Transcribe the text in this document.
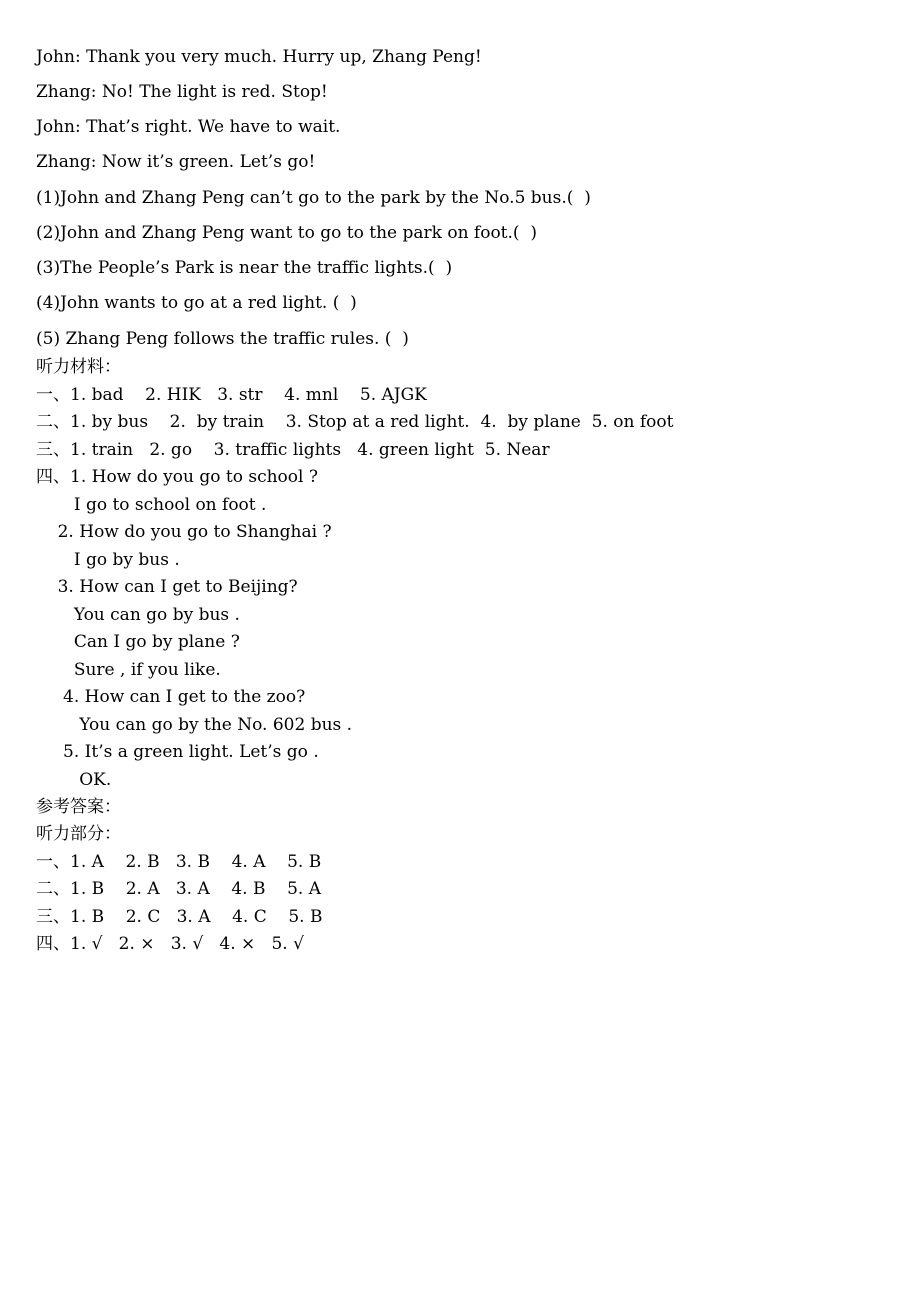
John: Thank you very much. Hurry up, Zhang Peng!
Zhang: No! The light is red. Stop!
John: That’s right. We have to wait.
Zhang: Now it’s green. Let’s go!
(1)John and Zhang Peng can’t go to the park by the No.5 bus.(  )
(2)John and Zhang Peng want to go to the park on foot.(  )
(3)The People’s Park is near the traffic lights.(  )
(4)John wants to go at a red light. (  )
(5) Zhang Peng follows the traffic rules. (  )
听力材料：
一、1. bad    2. HIK   3. str    4. mnl    5. AJGK
二、1. by bus    2.  by train    3. Stop at a red light.  4.  by plane  5. on foot
三、1. train   2. go    3. traffic lights   4. green light  5. Near
四、1. How do you go to school ?
I go to school on foot .
2. How do you go to Shanghai ?
I go by bus .
3. How can I get to Beijing?
You can go by bus .
Can I go by plane ?
Sure , if you like.
4. How can I get to the zoo?
You can go by the No. 602 bus .
5. It’s a green light. Let’s go .
OK.
参考答案：
听力部分：
一、1. A    2. B   3. B    4. A    5. B
二、1. B    2. A   3. A    4. B    5. A
三、1. B    2. C   3. A    4. C    5. B
四、1. √   2. ×   3. √   4. ×   5. √
